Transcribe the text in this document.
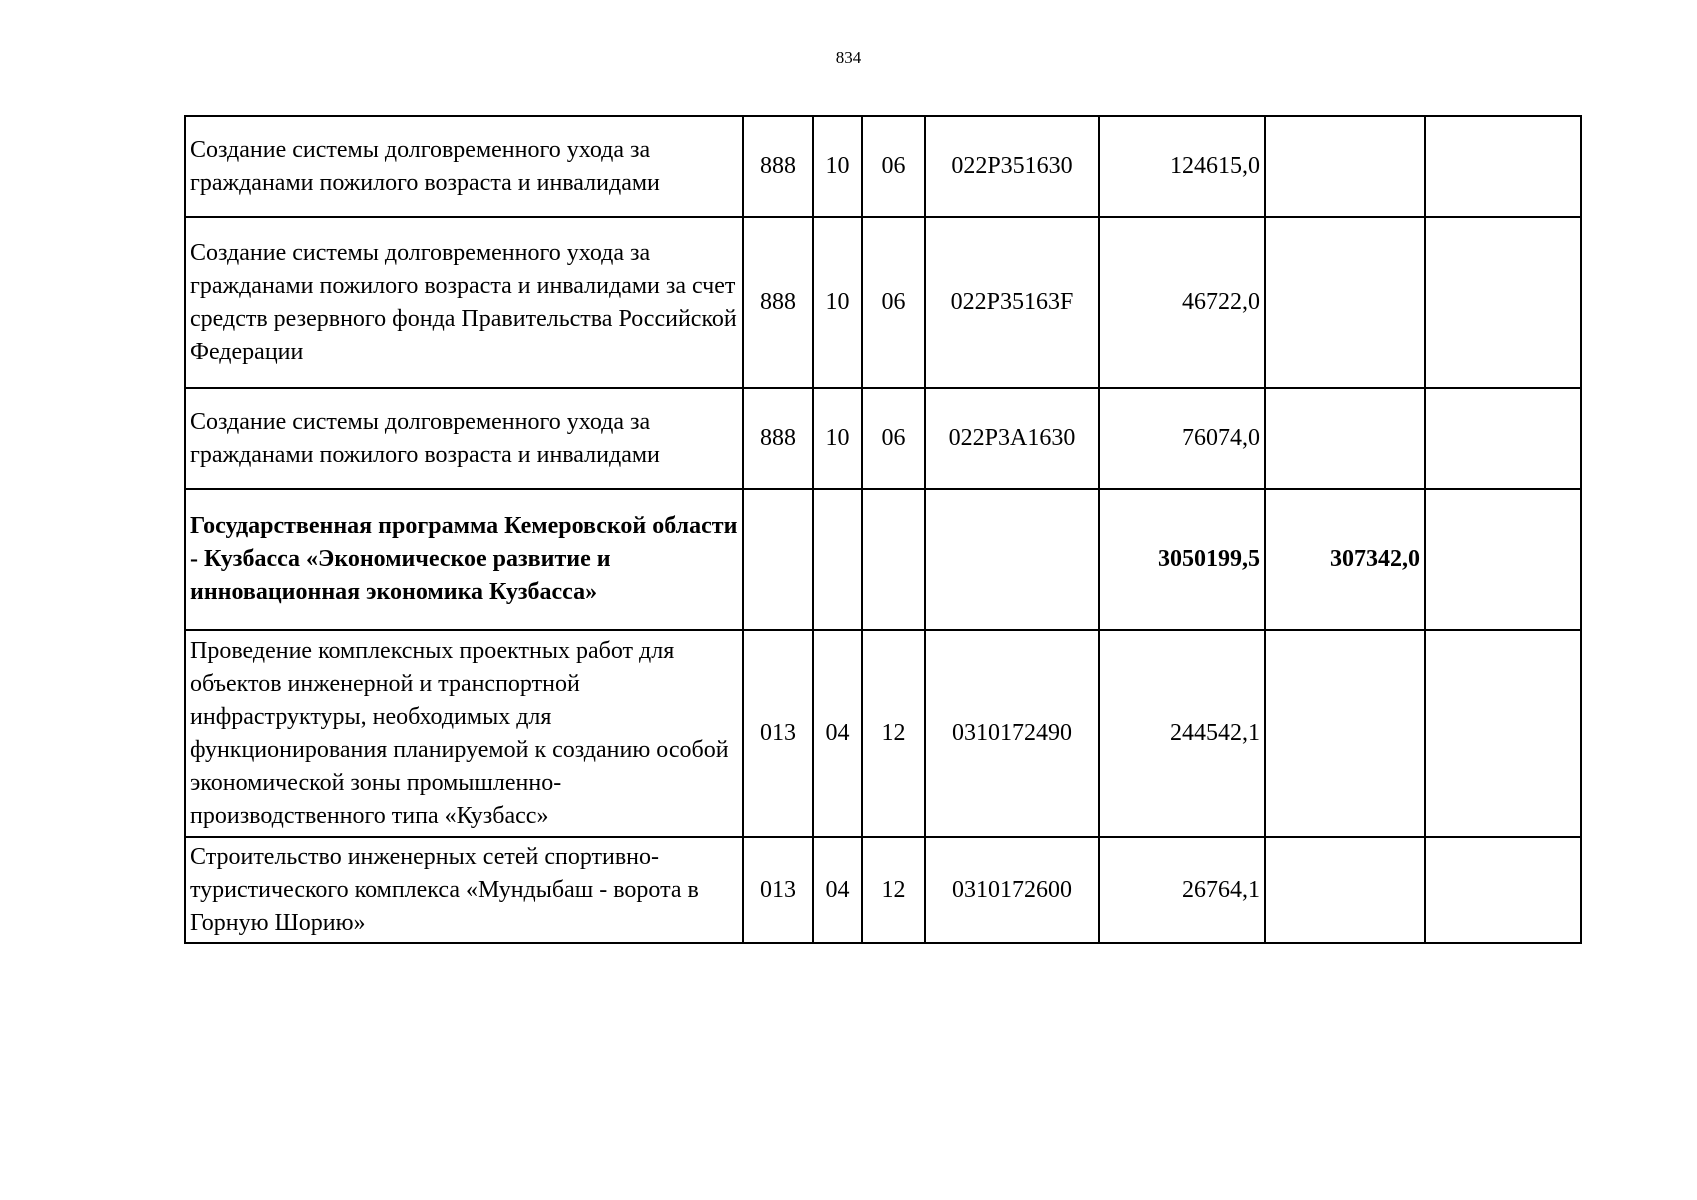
834
Создание системы долговременного ухода за гражданами пожилого возраста и инвалидами	888	10	06	022P351630	124615,0		
Создание системы долговременного ухода за гражданами пожилого возраста и инвалидами за счет средств резервного фонда Правительства Российской Федерации	888	10	06	022P35163F	46722,0		
Создание системы долговременного ухода за гражданами пожилого возраста и инвалидами	888	10	06	022P3A1630	76074,0		
Государственная программа Кемеровской области - Кузбасса «Экономическое развитие и инновационная экономика Кузбасса»					3050199,5	307342,0	
Проведение комплексных проектных работ для объектов инженерной и транспортной инфраструктуры, необходимых для функционирования планируемой к созданию особой экономической зоны промышленно-производственного типа «Кузбасс»	013	04	12	0310172490	244542,1		
Строительство инженерных сетей спортивно-туристического комплекса «Мундыбаш - ворота в Горную Шорию»	013	04	12	0310172600	26764,1		
